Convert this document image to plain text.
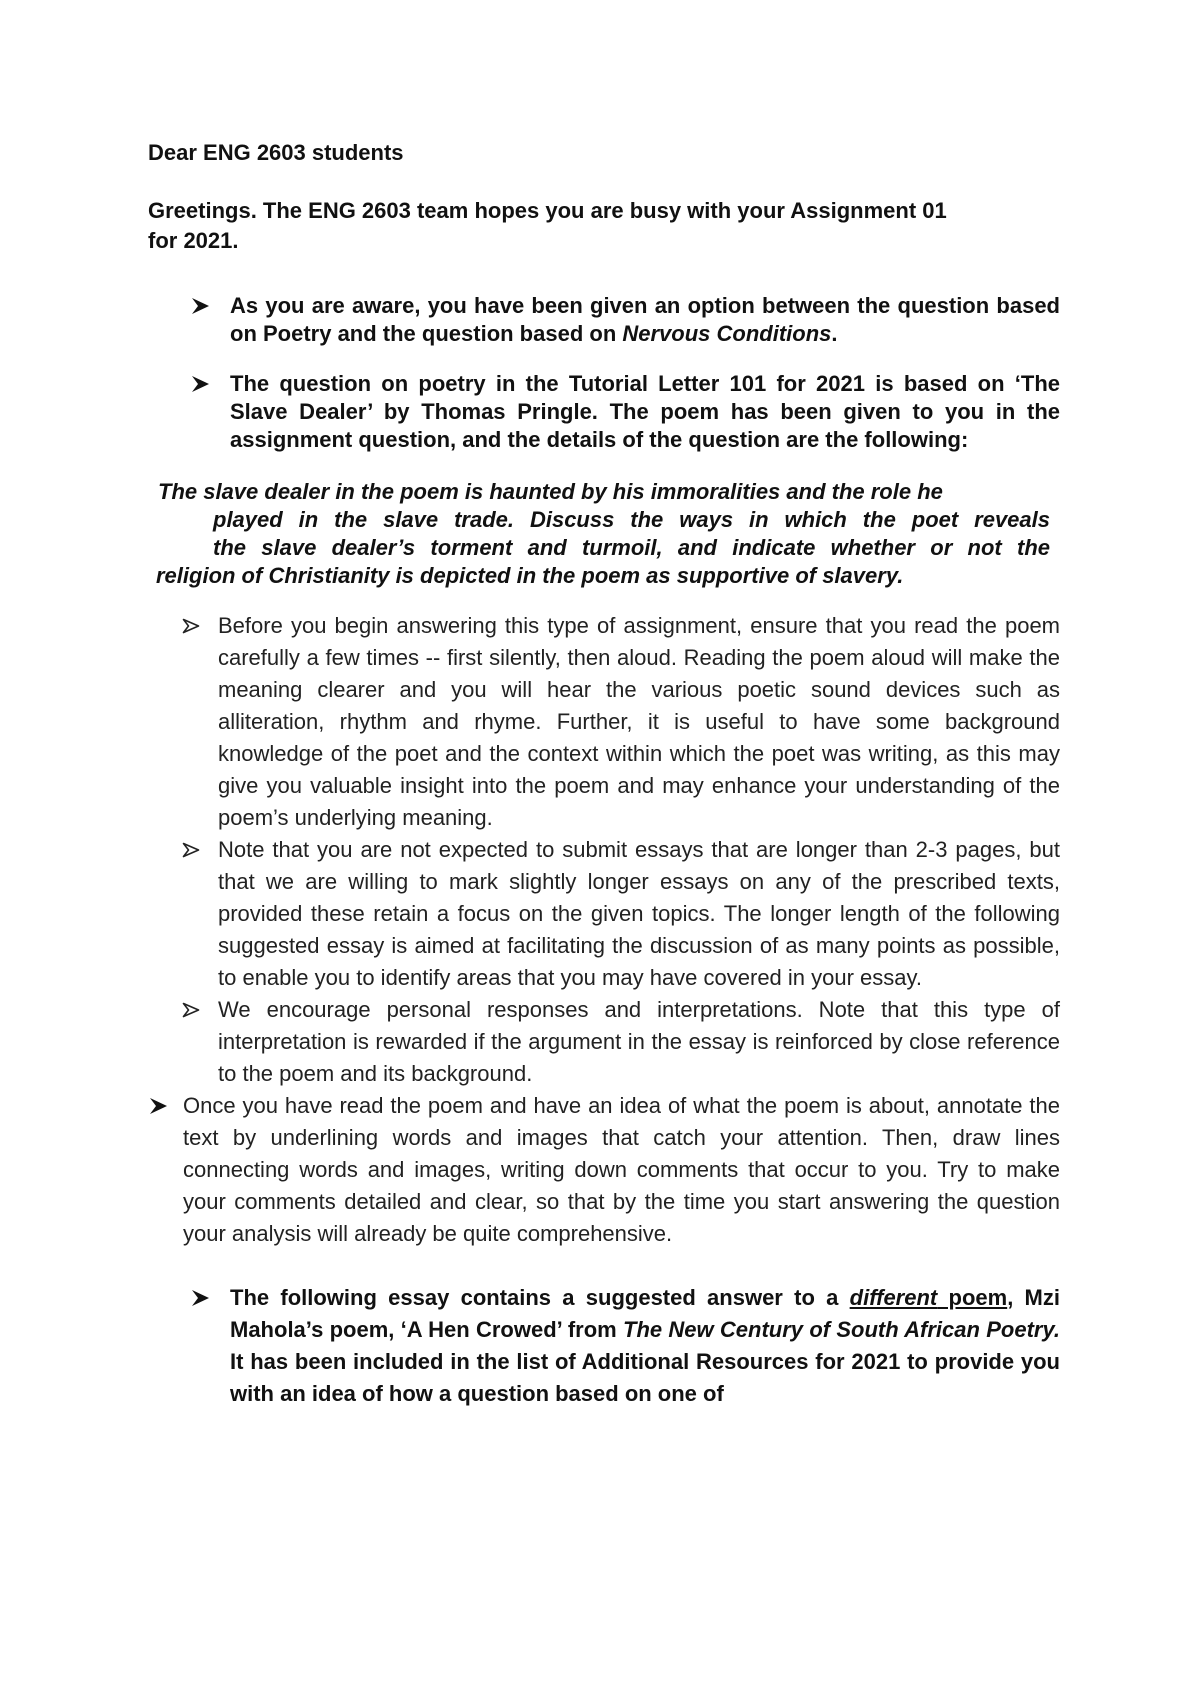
Dear ENG 2603 students

Greetings. The ENG 2603 team hopes you are busy with your Assignment 01
for 2021.
As you are aware, you have been given an option between the question based on Poetry and the question based on Nervous Conditions.
The question on poetry in the Tutorial Letter 101 for 2021 is based on ‘The Slave Dealer’ by Thomas Pringle. The poem has been given to you in the assignment question, and the details of the question are the following:
The slave dealer in the poem is haunted by his immoralities and the role he
played in the slave trade. Discuss the ways in which the poet reveals
the slave dealer’s torment and turmoil, and indicate whether or not the
religion of Christianity is depicted in the poem as supportive of slavery.
Before you begin answering this type of assignment, ensure that you read the poem carefully a few times -- first silently, then aloud. Reading the poem aloud will make the meaning clearer and you will hear the various poetic sound devices such as alliteration, rhythm and rhyme. Further, it is useful to have some background knowledge of the poet and the context within which the poet was writing, as this may give you valuable insight into the poem and may enhance your understanding of the poem’s underlying meaning.
Note that you are not expected to submit essays that are longer than 2-3 pages, but that we are willing to mark slightly longer essays on any of the prescribed texts, provided these retain a focus on the given topics. The longer length of the following suggested essay is aimed at facilitating the discussion of as many points as possible, to enable you to identify areas that you may have covered in your essay.
We encourage personal responses and interpretations. Note that this type of interpretation is rewarded if the argument in the essay is reinforced by close reference to the poem and its background.
Once you have read the poem and have an idea of what the poem is about, annotate the text by underlining words and images that catch your attention. Then, draw lines connecting words and images, writing down comments that occur to you. Try to make your comments detailed and clear, so that by the time you start answering the question your analysis will already be quite comprehensive.
The following essay contains a suggested answer to a different poem, Mzi Mahola’s poem, ‘A Hen Crowed’ from The New Century of South African Poetry. It has been included in the list of Additional Resources for 2021 to provide you with an idea of how a question based on one of
